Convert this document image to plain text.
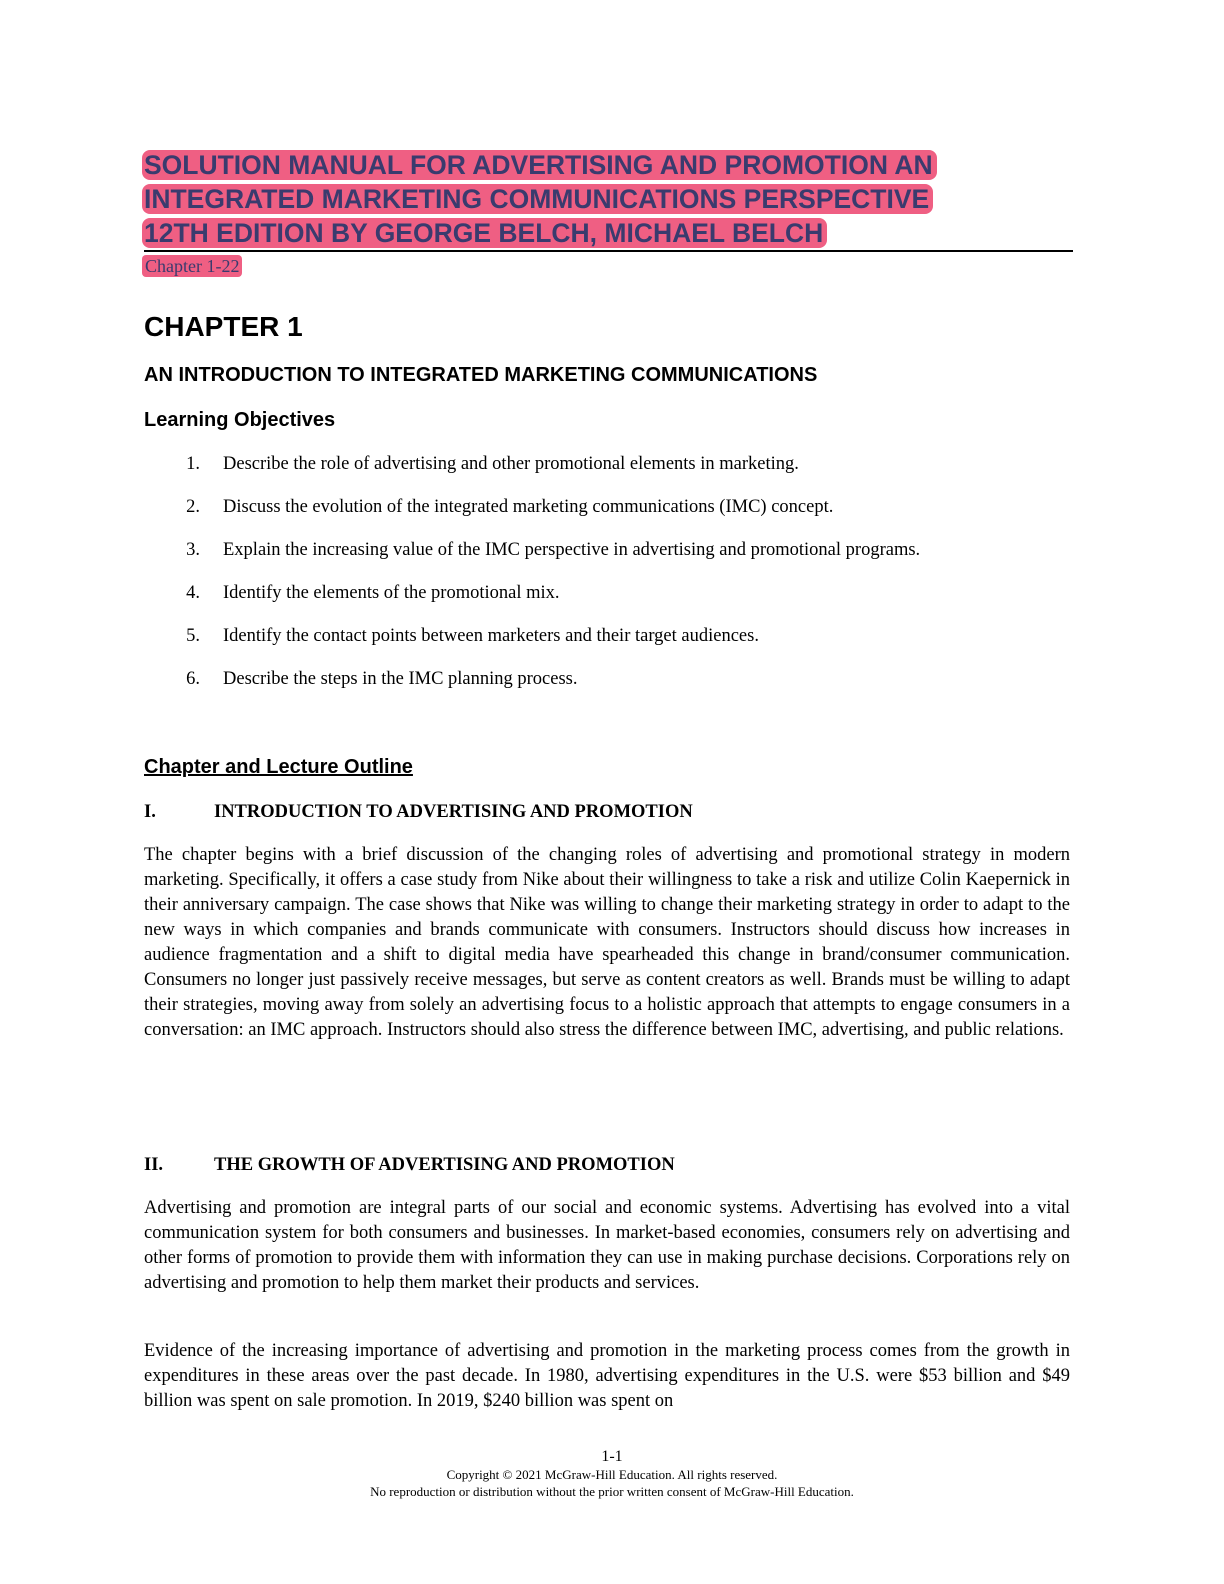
SOLUTION MANUAL FOR ADVERTISING AND PROMOTION AN
INTEGRATED MARKETING COMMUNICATIONS PERSPECTIVE
12TH EDITION BY GEORGE BELCH, MICHAEL BELCH
Chapter 1-22
CHAPTER 1
AN INTRODUCTION TO INTEGRATED MARKETING COMMUNICATIONS
Learning Objectives
1. Describe the role of advertising and other promotional elements in marketing.
2. Discuss the evolution of the integrated marketing communications (IMC) concept.
3. Explain the increasing value of the IMC perspective in advertising and promotional programs.
4. Identify the elements of the promotional mix.
5. Identify the contact points between marketers and their target audiences.
6. Describe the steps in the IMC planning process.
Chapter and Lecture Outline
I.	INTRODUCTION TO ADVERTISING AND PROMOTION

The chapter begins with a brief discussion of the changing roles of advertising and promotional strategy in modern marketing. Specifically, it offers a case study from Nike about their willingness to take a risk and utilize Colin Kaepernick in their anniversary campaign. The case shows that Nike was willing to change their marketing strategy in order to adapt to the new ways in which companies and brands communicate with consumers. Instructors should discuss how increases in audience fragmentation and a shift to digital media have spearheaded this change in brand/consumer communication. Consumers no longer just passively receive messages, but serve as content creators as well. Brands must be willing to adapt their strategies, moving away from solely an advertising focus to a holistic approach that attempts to engage consumers in a conversation: an IMC approach. Instructors should also stress the difference between IMC, advertising, and public relations.

II.	THE GROWTH OF ADVERTISING AND PROMOTION

Advertising and promotion are integral parts of our social and economic systems. Advertising has evolved into a vital communication system for both consumers and businesses. In market-based economies, consumers rely on advertising and other forms of promotion to provide them with information they can use in making purchase decisions. Corporations rely on advertising and promotion to help them market their products and services.

Evidence of the increasing importance of advertising and promotion in the marketing process comes from the growth in expenditures in these areas over the past decade. In 1980, advertising expenditures in the U.S. were $53 billion and $49 billion was spent on sale promotion. In 2019, $240 billion was spent on

1-1
Copyright © 2021 McGraw-Hill Education. All rights reserved.
No reproduction or distribution without the prior written consent of McGraw-Hill Education.
